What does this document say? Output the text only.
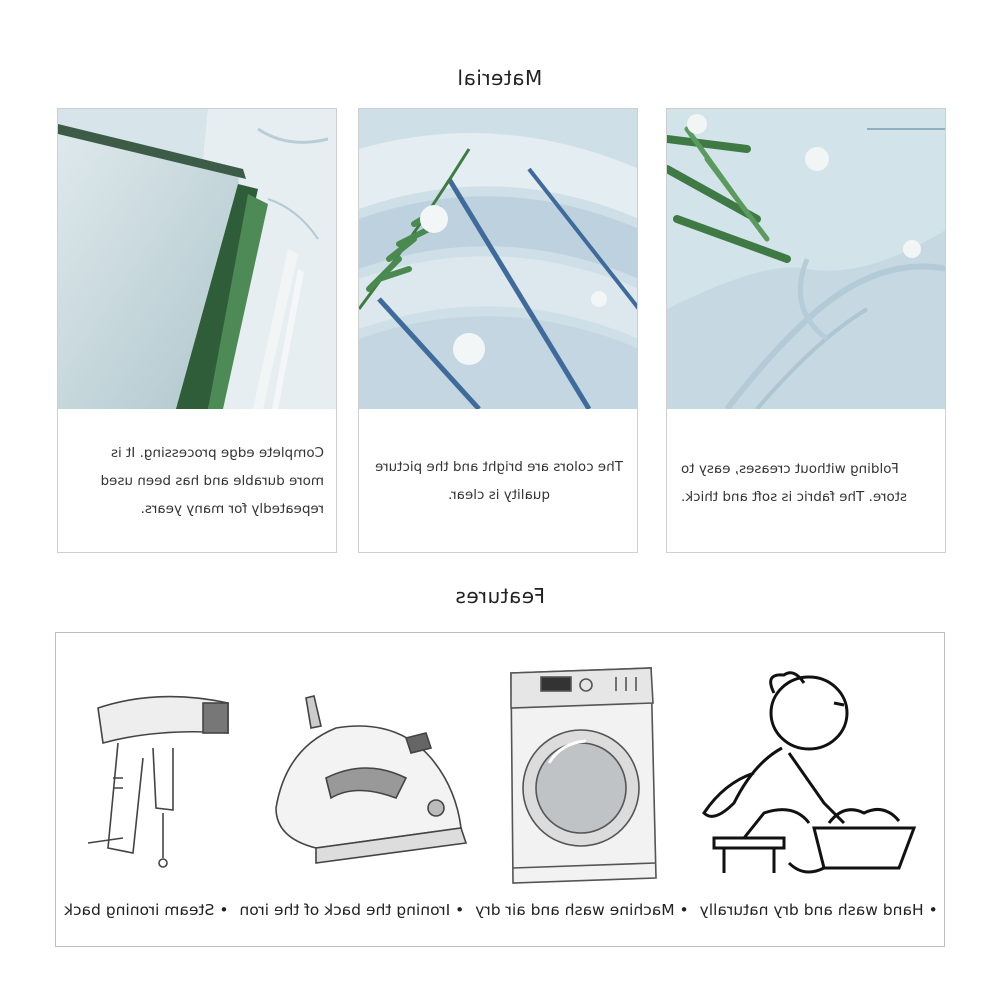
Material
Complete edge processing. It is more durable and has been used repeatedly for many years.
The colors are bright and the picture quality is clear.
Folding without creases, easy to store. The fabric is soft and thick.
Features
• Hand wash and dry naturally • Machine wash and air dry • Ironing the back of the iron • Steam ironing back
